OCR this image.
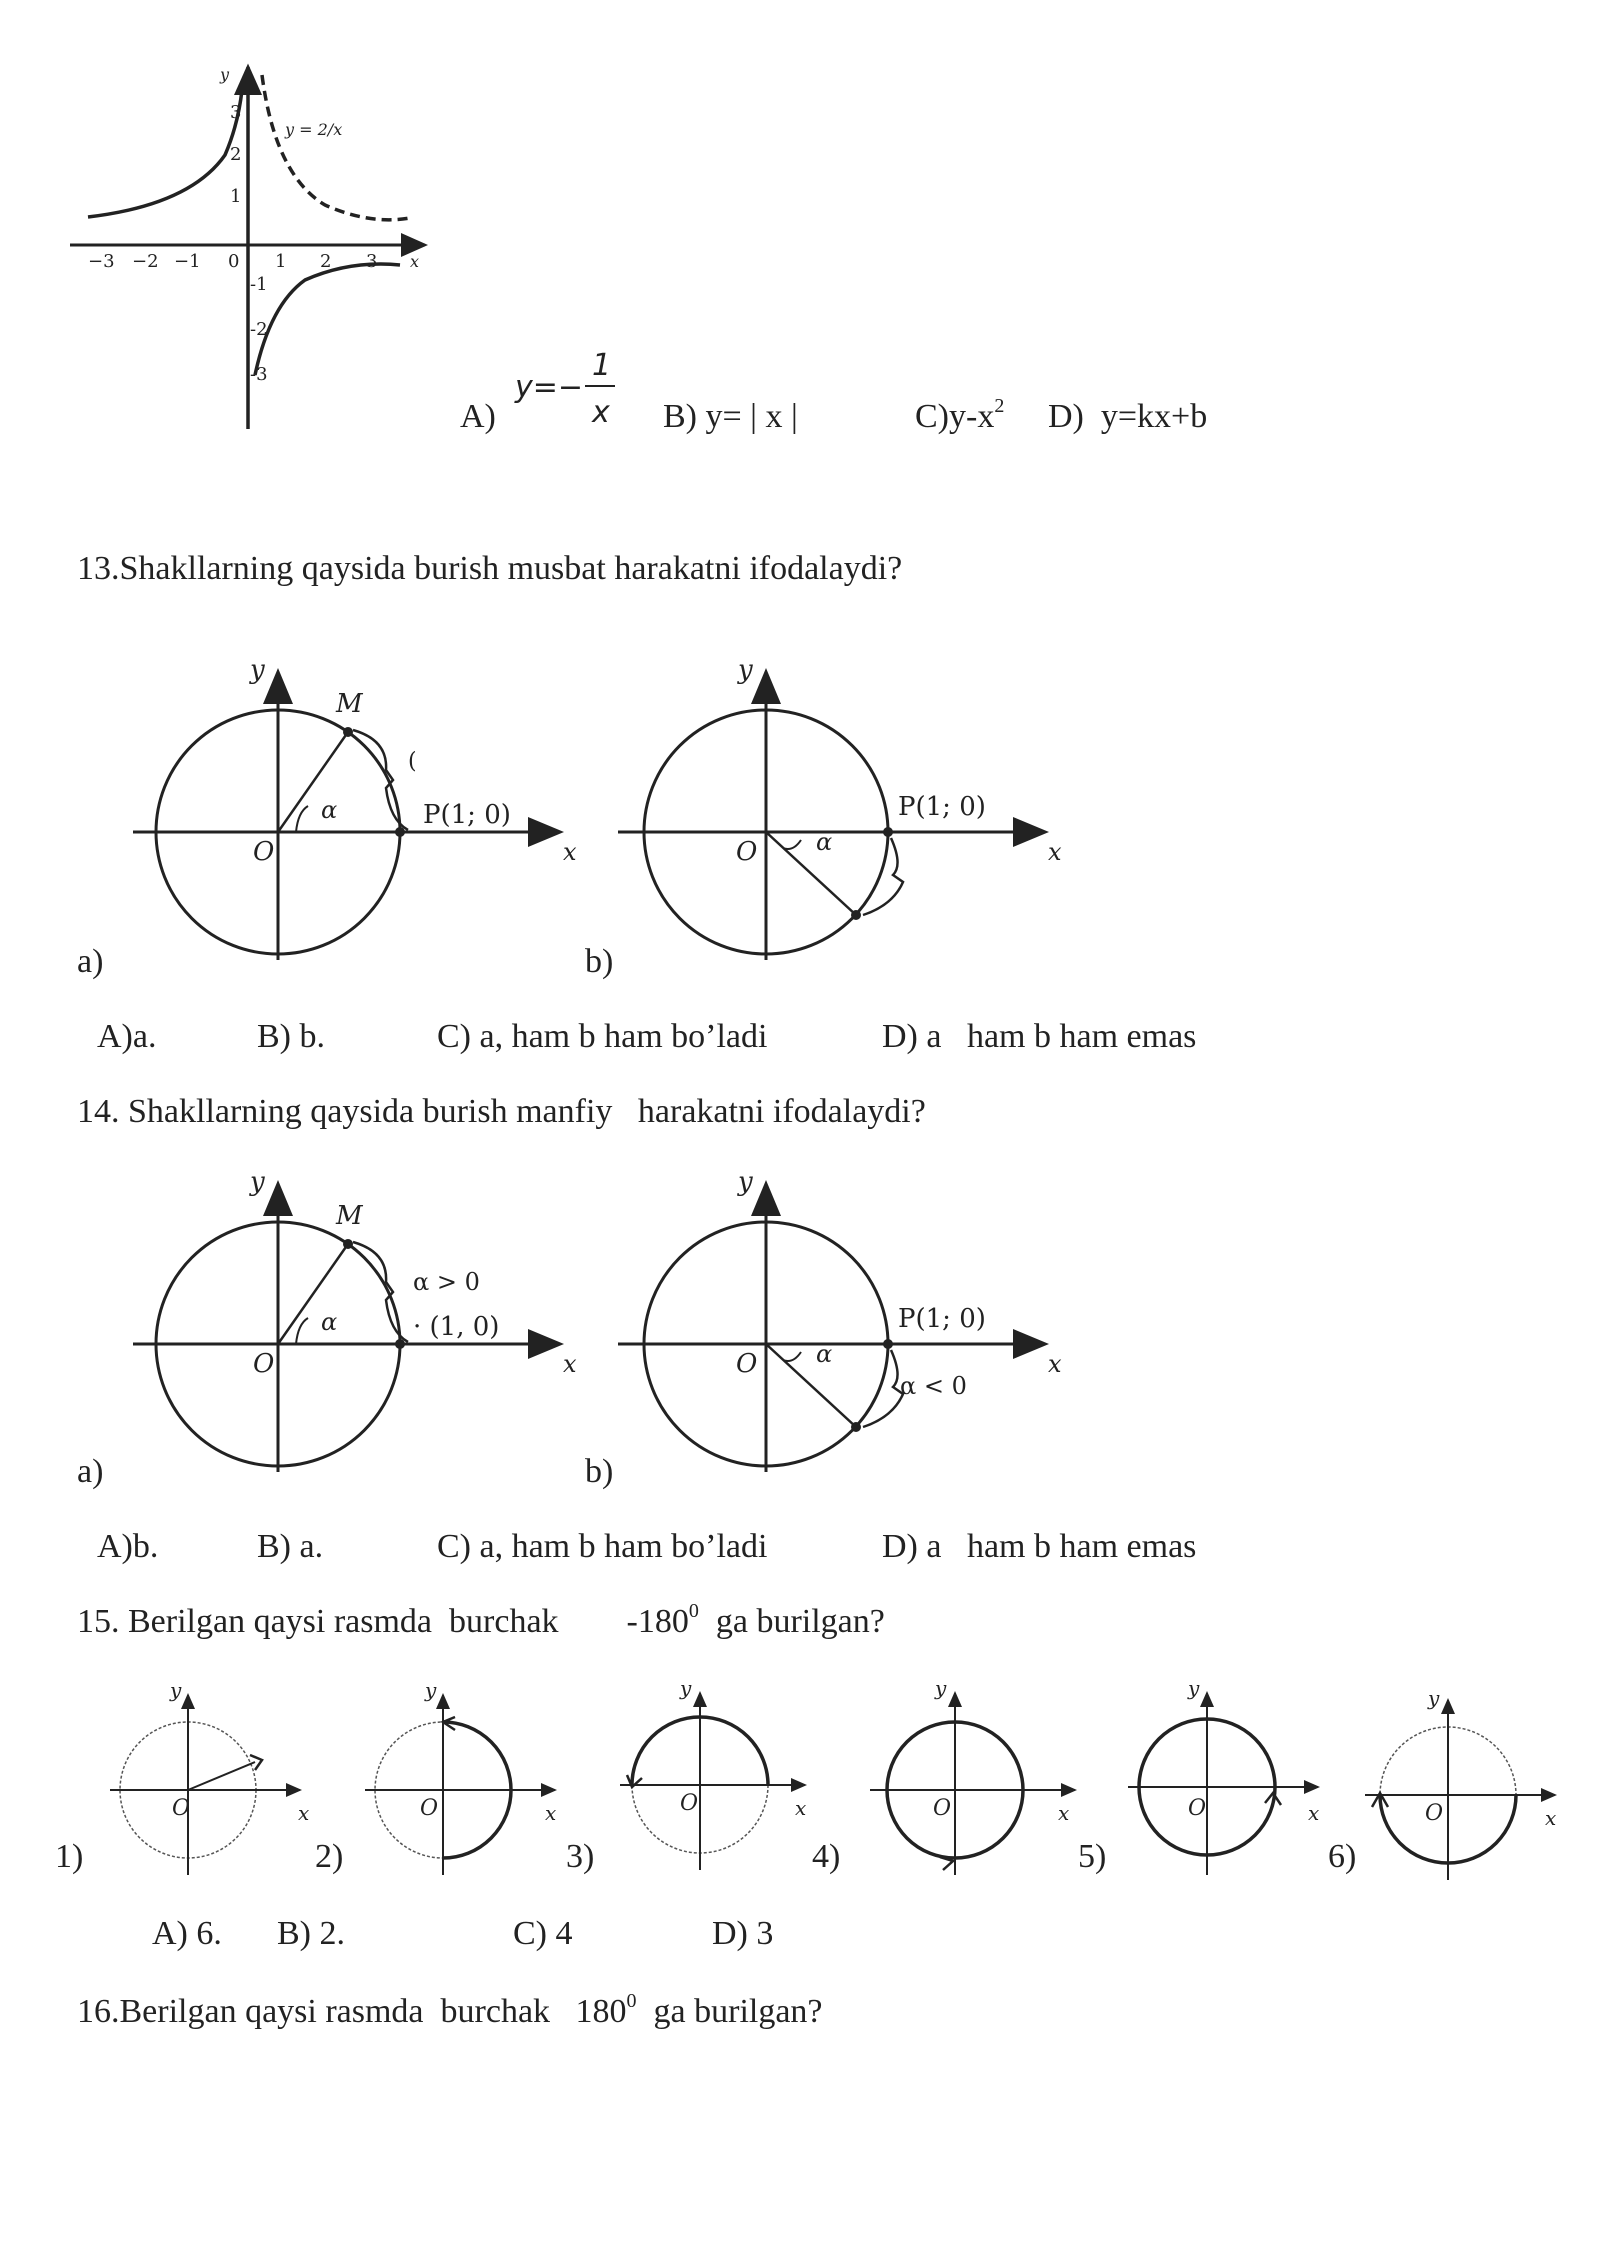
y
x
y = 2/x
−3 −2 −1 0 1 2 3
3
2
1
-1
-2
-3
A)
y=−
1
x B) y= | x |	$C)y-x^2$ D)  y=kx+b
13.Shakllarning qaysida burish musbat harakatni ifodalaydi?
M
P(1; 0)
(
O
α
x
y
P(1; 0)
O α	x
y
a)	b)
A)a.	B) b.	C) a, ham b ham bo’ladi	D) a   ham b ham emas
14. Shakllarning qaysida burish manfiy   harakatni ifodalaydi?
M
α > 0
· (1, 0)
O
α
x
y
P(1; 0)
α < 0
O α	x
y
a)	b)
A)b.	B) a.	C) a, ham b ham bo’ladi	D) a   ham b ham emas
15. Berilgan qaysi rasmda  burchak        $-180^0$  ga burilgan?
O	x
y
O	x
y
O	x
y
O	x
y
O	x
y
O	x
y
1)	2)	3)	4)	5)	6)
A) 6. B) 2.	C) 4	D) 3
16.Berilgan qaysi rasmda  burchak   $180^0$  ga burilgan?
